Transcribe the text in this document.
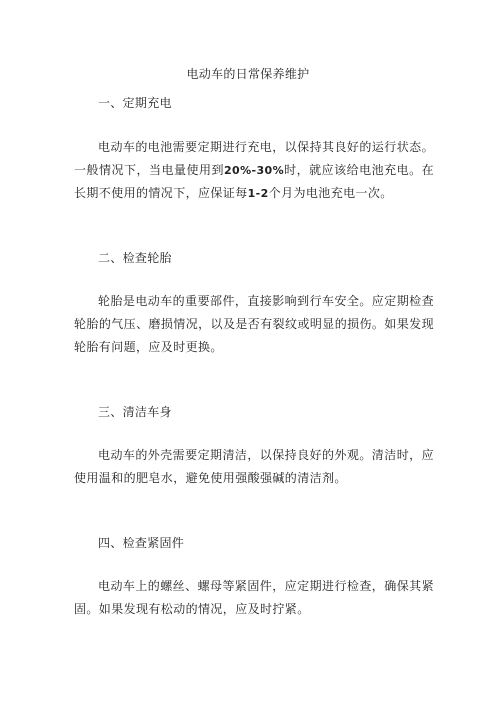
电动车的日常保养维护
一、定期充电

电动车的电池需要定期进行充电，以保持其良好的运行状态。一般情况下，当电量使用到20%-30%时，就应该给电池充电。在长期不使用的情况下，应保证每1-2个月为电池充电一次。

二、检查轮胎

轮胎是电动车的重要部件，直接影响到行车安全。应定期检查轮胎的气压、磨损情况，以及是否有裂纹或明显的损伤。如果发现轮胎有问题，应及时更换。

三、清洁车身

电动车的外壳需要定期清洁，以保持良好的外观。清洁时，应使用温和的肥皂水，避免使用强酸强碱的清洁剂。

四、检查紧固件

电动车上的螺丝、螺母等紧固件，应定期进行检查，确保其紧固。如果发现有松动的情况，应及时拧紧。
